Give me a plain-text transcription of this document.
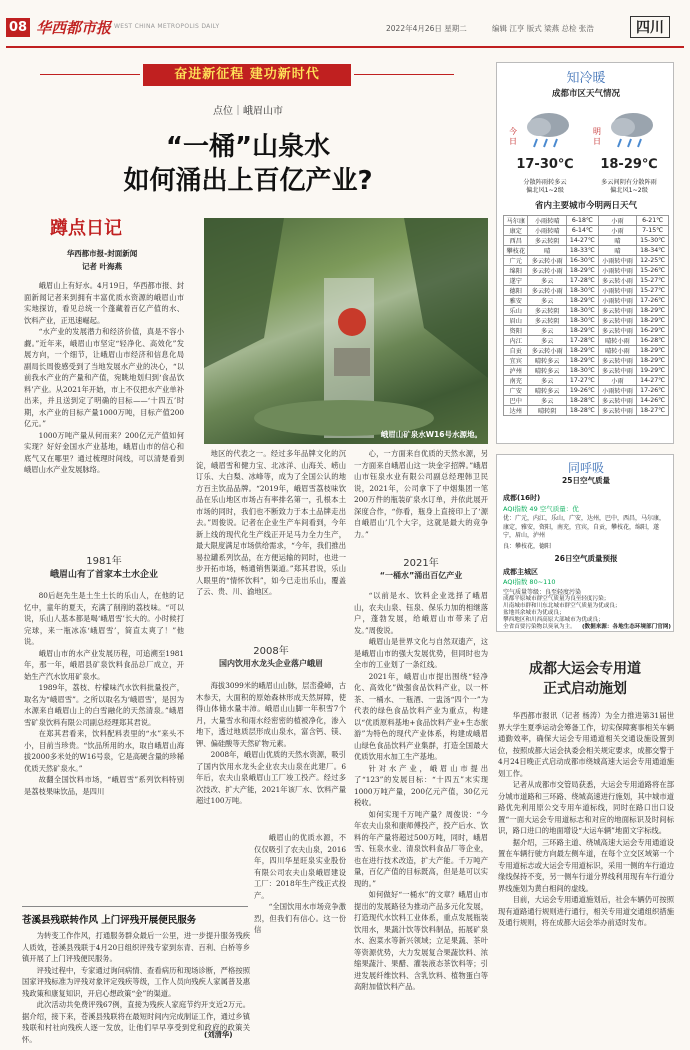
08 华西都市报 WEST CHINA METROPOLIS DAILY	2022年4月26日 星期二	编辑 江亨 版式 梁燕 总检 张浩	四川
奋进新征程 建功新时代
点位｜峨眉山市
“一桶”山泉水
如何涌出上百亿产业?
蹲点日记
华西都市报-封面新闻
记者 叶海燕

峨眉山上有好水。4月19日，华西都市报、封面新闻记者来到拥有丰富优质水资源的峨眉山市实地探访，看见总统一个蓬藏着百亿产值的水、饮料产业，正迅速崛起。

“水产业的发展潜力和经济价值，真是不容小觑。”近年来，峨眉山市坚定“轻净化、高效化”发展方向，一个细节，让峨眉山市经济和信息化局副局长周俊感受到了当地发展水产业的决心，“以前我水产业的产量和产值，宛眺地划归到‘食品饮料’产业。从2021年开始，市上不仅把水产业单补出来，并且送到定了明确的目标——‘十四五’时期，水产业的目标产量1000万吨，目标产值200亿元。”

1000万吨产量从何而来？200亿元产值如何实现？好好金国水产业基地，峨眉山市的信心和底气又在哪里？通过梳理时间线，可以清楚看到峨眉山水产业发展脉络。

峨眉山矿泉水W16号水源地。
1981年
峨眉山有了首家本土水企业

80后赵先生是土生土长的乐山人，在他的记忆中，童年的夏天，充满了削削的荔枝味。“可以说，乐山人基本都是喝‘峨眉雪’长大的。小时候打完球，来一瓶冰冻‘峨眉雪’，简直太爽了！”他说。

峨眉山市的水产业发展历程，可追溯至1981年，那一年，峨眉县矿泉饮料食品总厂成立，开始生产汽水饮用矿泉水。

1989年，荔枝、柠檬味汽水饮料批量投产，取名为“峨眉雪”。之所以取名为‘峨眉雪’，是因为水源来自峨眉山上的白雪融化的天然清泉。”峨眉雪矿泉饮料有限公司副总经理郑其君说。

在郑其君看来，饮料配料表里的“水”来头不小，目前当珍贵。“饮品所用的水，取自峨眉山海拔2000多米处的W16号泉，它是高硬含量的珍稀优质天然矿泉水。”

故翻全国饮料市场，“峨眉雪”系列饮料特别是荔枝果味饮品，是四川

地区的代表之一。经过多年品牌文化的沉淀，峨眉雪和健力宝、北冰洋、山海关、崂山订乐、大白梨、冰峰等，成为了全国公认的地方百主饮品品牌。“2019年，峨眉雪荔枝味饮品在乐山地区市场占有率排名第一，孔根本土市场的同时，我们也不断致力于本土品牌走出去。”周俊说。记者在企业生产车间看到，今年新上线的现代化生产线正开足马力全力生产，最大限度满足市场供给需求，“今年，我们推出易拉罐系列饮品，在方便运输的同时，也进一步开拓市场，畅通销售渠道。”郑其君说，乐山人眼里的“情怀饮料”，如今已走出乐山，覆盖了云、贵、川、渝地区。
2008年
国内饮用水龙头企业落户峨眉

海拔3099米的峨眉山山脉，层峦叠嶂，古木参天，大面积的原始森林形成天然屏障，使得山体储水量丰沛。峨眉山山脚一年积雪7个月，大量雪水和雨水经密密的植被净化，渗入地下，透过地质层形成山泉水，富含钙、镁、钾、偏硅酸等天然矿物元素。

2008年，峨眉山优质的天然水资源，吸引了国内饮用水龙头企业农夫山泉在此建厂。6年后，农夫山泉峨眉山工厂竣工投产。经过多次技改、扩大产能，2021年该厂水、饮料产量超过100万吨。

峨眉山的优质水源，不仅仅吸引了农夫山泉，2016年，四川华星旺泉实业股份有限公司农夫山泉峨眉建设工厂：2018年生产线正式投产。

“全国饮用水市场竞争激烈，但我们有信心。这一份信

心，一方面来自优质的天然水源，另一方面来自峨眉山这一块金字招牌。”峨眉山市钰泉水业有限公司副总经理韩卫民说，2021年，公司拿下了中烟集团一笔200万件的瓶装矿泉水订单，并依此展开深度合作，“你看，瓶身上直接印上了‘源自峨眉山’几个大字，这就是最大的竞争力。”
2021年
“一桶水”涌出百亿产业

“以前是水、饮料企业选择了峨眉山，农夫山泉、钰泉、保乐力加的相继落户，蓬勃发展，给峨眉山市带来了启发。”周俊说。

峨眉山是世界文化与自然双遗产，这是峨眉山市的强大发展优势，但同时也为全市的工业划了一条红线。

2021年，峨眉山市提出围绕“轻净化、高效化”做强食品饮料产业，以一杯茶、一桶水、一瓶酒、一盅汤“四个一”为代表的绿色食品饮料产业为重点，构建以“优质原料基地+食品饮料产业+生态旅游”为特色的现代产业体系，构建成峨眉山绿色食品饮料产业集群，打造全国最大优质饮用水加工生产基地。

针对水产业，峨眉山市提出了“123”的发展目标：“十四五”末实现1000万吨产量，200亿元产值，30亿元税收。

如何实现千万吨产量？周俊说：“今年农夫山泉和康师傅投产，投产后水、饮料的年产量将超过500万吨，同时，峨眉雪、钰泉水业、清泉饮料食品厂等企业，也在进行技术改造，扩大产能。千万吨产量，百亿产值的目标既高，但是是可以实现的。”

如何做好“一桶水”的文章？峨眉山市提出的发展路径为推动产品多元化发展，打造现代水饮料工业体系，重点发展瓶装饮用水，果蔬汁饮等饮料制品，拓展矿泉水、泡菜水等新兴领域；立足果蔬、茶叶等资源优势，大力发展复合果蔬饮料、浓缩果蔬汁、果醋、灌装液态茶饮料等；引进发展纤维饮料、含乳饮料、植物蛋白等高附加值饮料产品。

苍溪县残联转作风 上门评残开展便民服务

为转变工作作风，打通服务群众最后一公里，进一步提升服务残疾人质效，苍溪县残联于4月20日组织评残专家到东青、百利、白桥等乡镇开展了上门评残便民服务。

评残过程中，专家通过询问病情、查看病历和现场诊断，严格按照国家评残标准为评残对象评定残疾等级，工作人员向残疾人家属普及惠残政策和康复知识，开启心想政策“金”的渠道。

此次活动共免费评残67例，直接为残疾人家庭节约开支近2万元。据介绍，接下来，苍溪县残联将在最短时间内完成制证工作，通过乡镇残联和村社向残疾人逐一发放，让他们早早享受到党和政府的政策关怀。	(刘清华)
知冷暖
成都市区天气情况
今日
明日
17-30℃	18-29℃
分散阵雨转多云
偏北风1~2级
多云间阴有分散阵雨
偏北风1~2级
省内主要城市今明两日天气
马尔康	小雨转晴	6-18℃	小雨	6-21℃
康定	小雨转晴	6-14℃	小雨	7-15℃
西昌	多云转阴	14-27℃	晴	15-30℃
攀枝花	晴	18-33℃	晴	18-34℃
广元	多云转小雨	16-30℃	小雨转中雨	12-25℃
绵阳	多云转小雨	18-29℃	小雨转中雨	15-26℃
遂宁	多云	17-28℃	多云转小雨	15-27℃
德阳	多云转小雨	18-30℃	小雨转中雨	15-27℃
雅安	多云	18-29℃	小雨转中雨	17-26℃
乐山	多云转阴	18-30℃	多云转中雨	18-29℃
眉山	多云转阴	18-30℃	多云转中雨	18-29℃
资阳	多云	18-29℃	多云转中雨	16-29℃
内江	多云	17-28℃	晴转小雨	16-28℃
自贡	多云转小雨	18-29℃	晴转小雨	18-29℃
宜宾	晴转多云	18-29℃	多云转中雨	18-29℃
泸州	晴转多云	18-30℃	多云转中雨	19-29℃
南充	多云	17-27℃	小雨	14-27℃
广安	晴转多云	19-26℃	小雨转中雨	17-26℃
巴中	多云	18-28℃	多云转中雨	14-26℃
达州	晴转阴	18-28℃	多云转中雨	18-27℃
同呼吸
25日空气质量
成都(16时)
AQI指数 49 空气质量：优
优：广元，内江，乐山，广安，达州，巴中，西昌，马尔康，康定，雅安，资阳，南充，宜宾，自贡，攀枝花，绵阳，遂宁，眉山，泸州
良：攀枝花，德阳
26日空气质量预报
成都主城区
AQI指数 80~110
空气质量等级：良至轻度污染
成都平原城市群空气质量为良至轻度污染；
川南城市群和川东北城市群空气质量为优或良；
盆地其余城市为优或良；
攀西地区和川西高原大部城市为优或良；
全省首要污染物以臭氧为主。	(数据来源：各地生态环境部门官网)
成都大运会专用道
正式启动施划

华西都市报讯（记者 杨涛）为全力推进第31届世界大学生夏季运动会筹备工作，切实保障赛事相关车辆通勤效率，确保大运会专用通道相关交通设施设置到位，按照成都大运会执委会相关规定要求，成都交警于4月24日晚正式启动成都市绕城高速大运会专用通道施划工作。

记者从成都市交管局获悉，大运会专用道路将在部分城市道路和三环路、绕城高速进行施划，其中城市道路优先利用原公交专用车道标线，同时在路口出口设置“一面大运会专用道标志和对应的地面标识及时间标识，路口进口的地面增设“大运车辆”地面文字标线。

据介绍，三环路主道、绕城高速大运会专用通道设置在车辆行驶方向最左侧车道，在每个立交区域第一个专用道标志或大运会专用道标识，采用一侧的车行道边缘线保持不变，另一侧车行道分界线利用现有车行道分界线施划为黄白相间的虚线。

目前，大运会专用通道施划后，社会车辆仍可按照现有道路通行规则进行通行，相关专用道交通组织措施及通行规则，将在成都大运会举办前适时发布。
